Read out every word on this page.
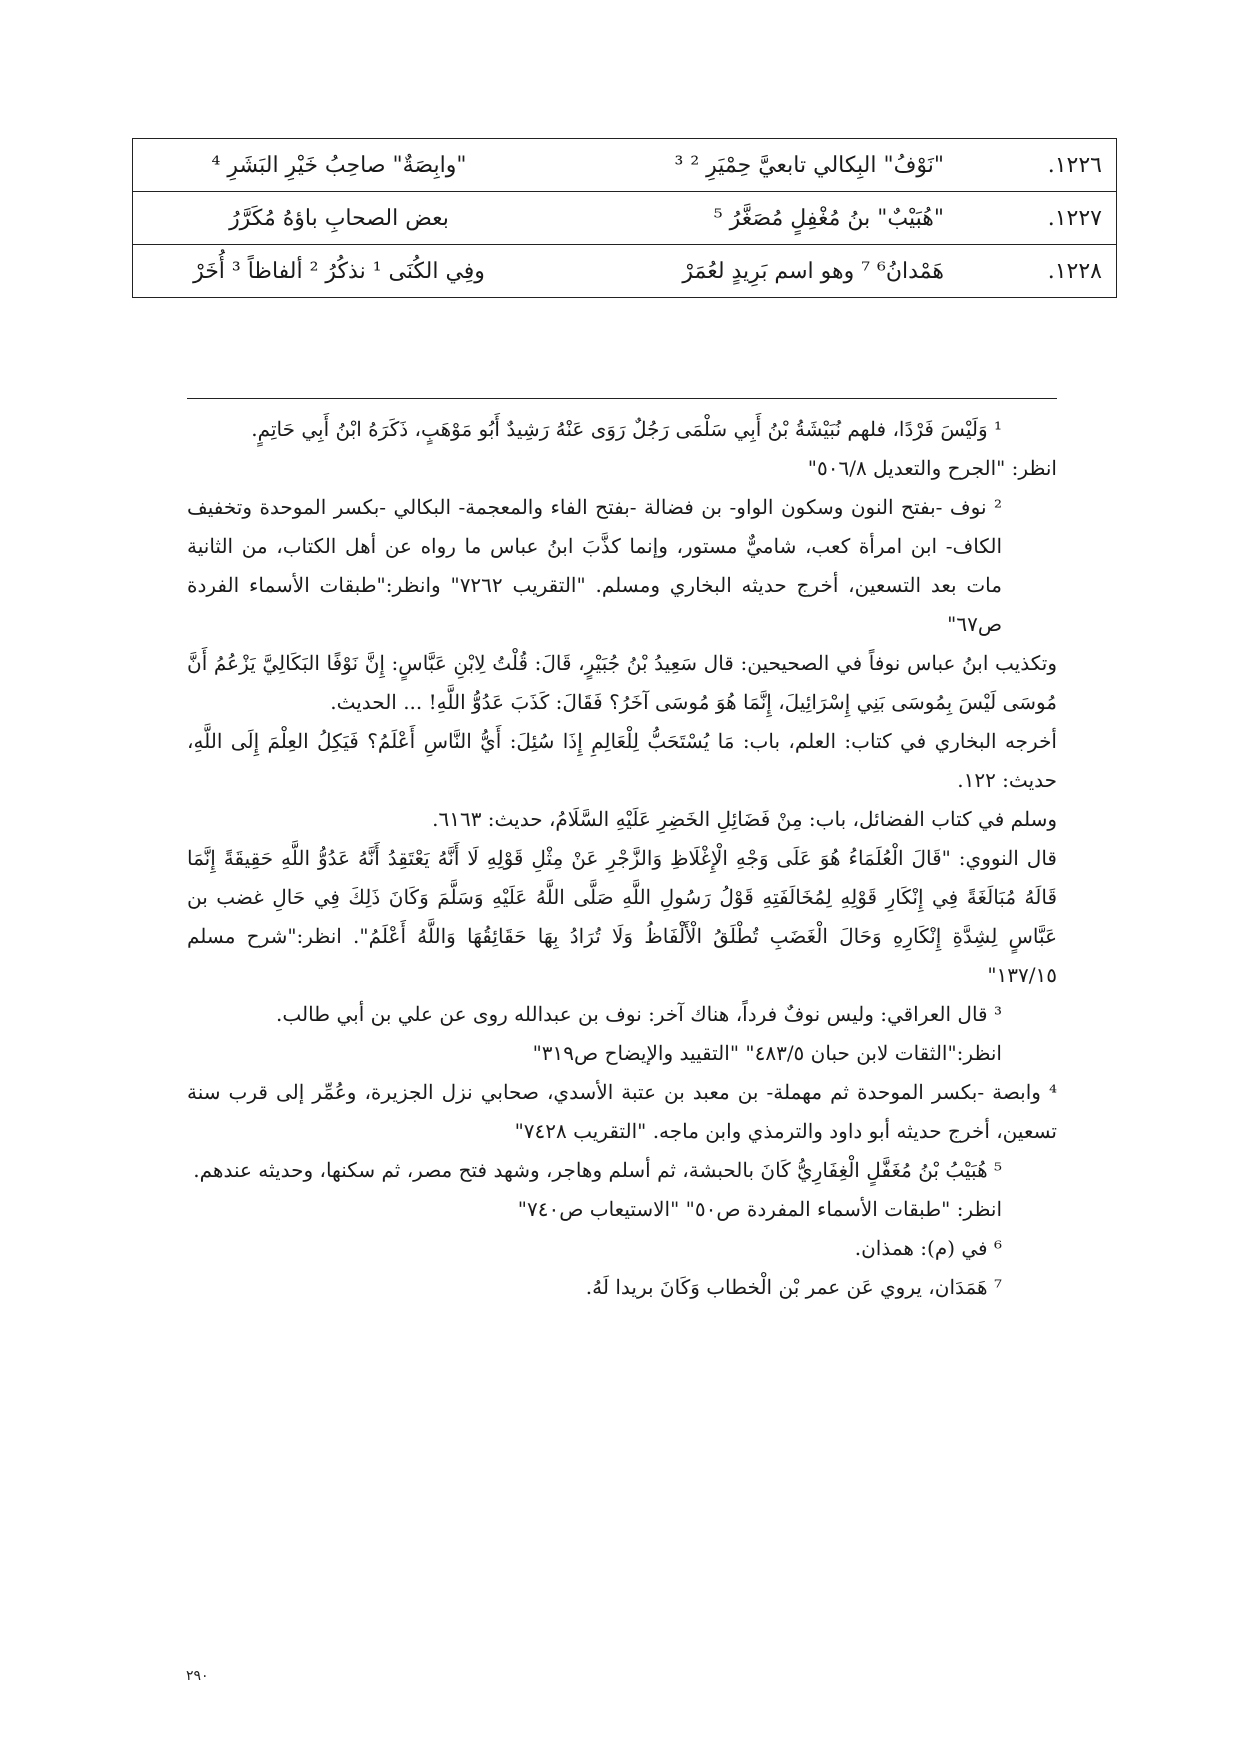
١٢٢٦.	"نَوْفُ" البِكالي تابعيَّ حِمْيَرِ ² ³	"وابِصَةٌ" صاحِبُ خَيْرِ البَشَرِ ⁴
١٢٢٧.	"هُبَيْبٌ" بنُ مُغْفِلٍ مُصَغَّرُ ⁵	بعض الصحابِ باؤهُ مُكَرَّرُ
١٢٢٨.	هَمْدانُ⁶ ⁷ وهو اسم بَرِيدٍ لعُمَرْ	وفِي الكُنَى ¹ نذكُرُ ² ألفاظاً ³ أُخَرْ

¹ وَلَيْسَ فَرْدًا، فلهم نُبَيْشَةُ بْنُ أَبِي سَلْمَى رَجُلٌ رَوَى عَنْهُ رَشِيدٌ أَبُو مَوْهَبٍ، ذَكَرَهُ ابْنُ أَبِي حَاتِمٍ.

انظر: "الجرح والتعديل ٥٠٦/٨"

² نوف -بفتح النون وسكون الواو- بن فضالة -بفتح الفاء والمعجمة- البكالي -بكسر الموحدة وتخفيف الكاف- ابن امرأة كعب، شاميٌّ مستور، وإنما كذَّبَ ابنُ عباس ما رواه عن أهل الكتاب، من الثانية مات بعد التسعين، أخرج حديثه البخاري ومسلم. "التقريب ٧٢٦٢" وانظر:"طبقات الأسماء الفردة ص٦٧"

وتكذيب ابنُ عباس نوفاً في الصحيحين: قال سَعِيدُ بْنُ جُبَيْرٍ، قَالَ: قُلْتُ لِابْنِ عَبَّاسٍ: إِنَّ نَوْفًا البَكَالِيَّ يَزْعُمُ أَنَّ مُوسَى لَيْسَ بِمُوسَى بَنِي إِسْرَائِيلَ، إِنَّمَا هُوَ مُوسَى آخَرُ؟ فَقَالَ: كَذَبَ عَدُوُّ اللَّهِ! ... الحديث.

أخرجه البخاري في كتاب: العلم، باب: مَا يُسْتَحَبُّ لِلْعَالِمِ إِذَا سُئِلَ: أَيُّ النَّاسِ أَعْلَمُ؟ فَيَكِلُ العِلْمَ إِلَى اللَّهِ، حديث: ١٢٢.

وسلم في كتاب الفضائل، باب: مِنْ فَضَائِلِ الخَضِرِ عَلَيْهِ السَّلَامُ، حديث: ٦١٦٣.

قال النووي: "قَالَ الْعُلَمَاءُ هُوَ عَلَى وَجْهِ الْإِغْلَاظِ وَالزَّجْرِ عَنْ مِثْلِ قَوْلِهِ لَا أَنَّهُ يَعْتَقِدُ أَنَّهُ عَدُوُّ اللَّهِ حَقِيقَةً إِنَّمَا قَالَهُ مُبَالَغَةً فِي إِنْكَارِ قَوْلِهِ لِمُخَالَفَتِهِ قَوْلُ رَسُولِ اللَّهِ صَلَّى اللَّهُ عَلَيْهِ وَسَلَّمَ وَكَانَ ذَلِكَ فِي حَالِ غضب بن عَبَّاسٍ لِشِدَّةِ إِنْكَارِهِ وَحَالَ الْغَضَبِ تُطْلَقُ الْأَلْفَاظُ وَلَا تُرَادُ بِهَا حَقَائِقُهَا وَاللَّهُ أَعْلَمُ". انظر:"شرح مسلم ١٣٧/١٥"

³ قال العراقي: وليس نوفٌ فرداً، هناك آخر: نوف بن عبدالله روى عن علي بن أبي طالب.

انظر:"الثقات لابن حبان ٤٨٣/٥" "التقييد والإيضاح ص٣١٩"

⁴ وابصة -بكسر الموحدة ثم مهملة- بن معبد بن عتبة الأسدي، صحابي نزل الجزيرة، وعُمِّر إلى قرب سنة تسعين، أخرج حديثه أبو داود والترمذي وابن ماجه. "التقريب ٧٤٢٨"

⁵ هُبَيْبُ بْنُ مُغَفَّلٍ الْغِفَارِيُّ كَانَ بالحبشة، ثم أسلم وهاجر، وشهد فتح مصر، ثم سكنها، وحديثه عندهم.

انظر: "طبقات الأسماء المفردة ص٥٠" "الاستيعاب ص٧٤٠"

⁶ في (م): همذان.

⁷ هَمَدَان، يروي عَن عمر بْن الْخطاب وَكَانَ بريدا لَهُ.

٢٩٠
